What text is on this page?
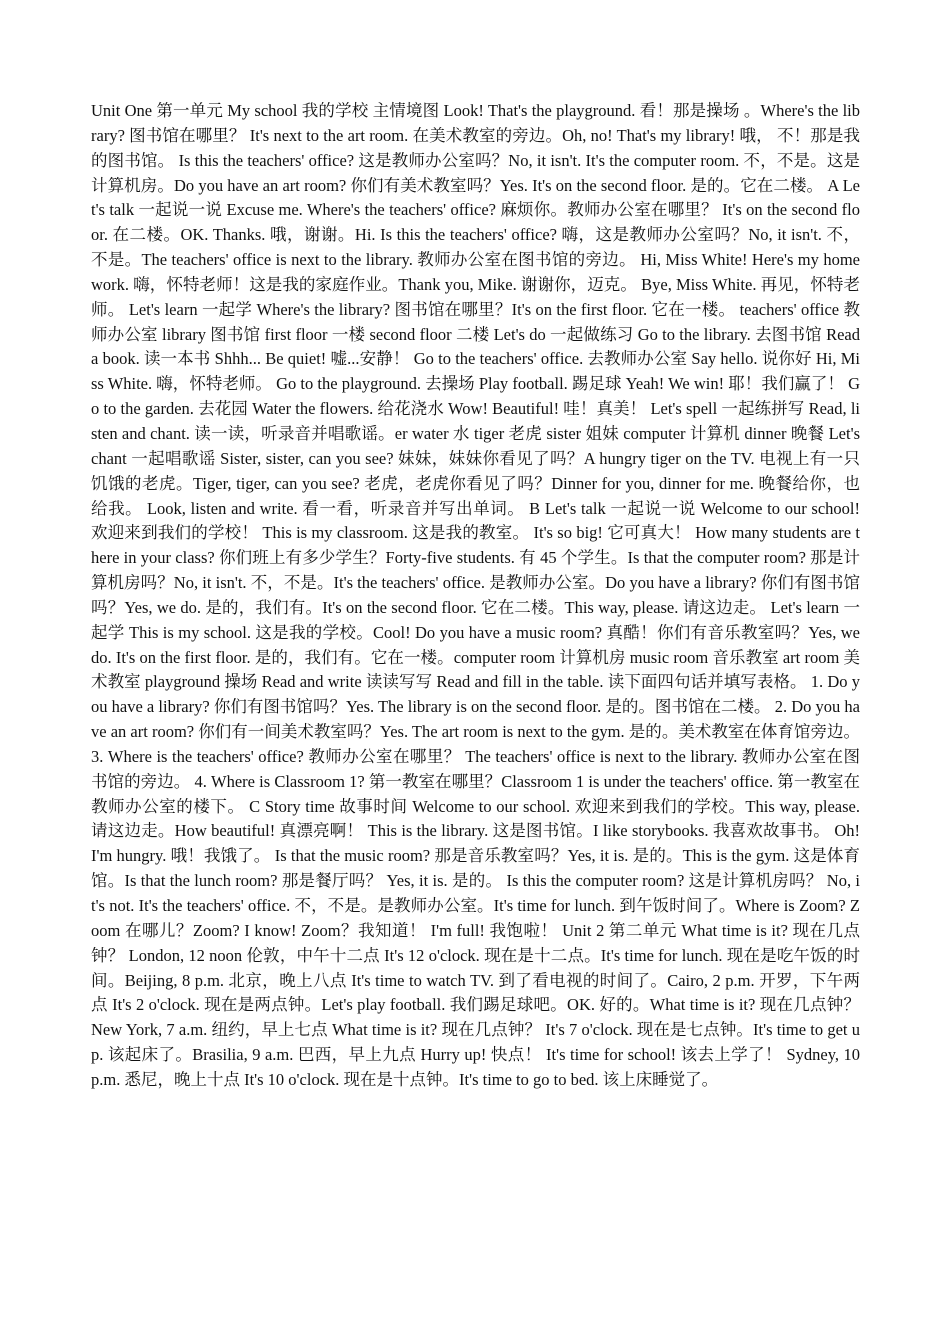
Unit One 第一单元 My school 我的学校 主情境图 Look! That's the playground. 看！那是操场 。Where's the library? 图书馆在哪里？ It's next to the art room. 在美术教室的旁边。Oh, no! That's my library! 哦， 不！那是我的图书馆。 Is this the teachers' office? 这是教师办公室吗？No, it isn't. It's the computer room. 不，不是。这是计算机房。Do you have an art room? 你们有美术教室吗？Yes. It's on the second floor. 是的。它在二楼。 A Let's talk 一起说一说 Excuse me. Where's the teachers' office? 麻烦你。教师办公室在哪里？ It's on the second floor. 在二楼。OK. Thanks. 哦，谢谢。Hi. Is this the teachers' office? 嗨，这是教师办公室吗？No, it isn't. 不， 不是。The teachers' office is next to the library. 教师办公室在图书馆的旁边。 Hi, Miss White! Here's my homework. 嗨，怀特老师！这是我的家庭作业。Thank you, Mike. 谢谢你，迈克。 Bye, Miss White. 再见，怀特老师。 Let's learn 一起学 Where's the library? 图书馆在哪里？It's on the first floor. 它在一楼。 teachers' office 教师办公室 library 图书馆 first floor 一楼 second floor 二楼 Let's do 一起做练习 Go to the library. 去图书馆 Read a book. 读一本书 Shhh... Be quiet! 嘘...安静！ Go to the teachers' office. 去教师办公室 Say hello. 说你好 Hi, Miss White. 嗨，怀特老师。 Go to the playground. 去操场 Play football. 踢足球 Yeah! We win! 耶！我们赢了！ Go to the garden. 去花园 Water the flowers. 给花浇水 Wow! Beautiful! 哇！真美！ Let's spell 一起练拼写 Read, listen and chant. 读一读，听录音并唱歌谣。er water 水 tiger 老虎 sister 姐妹 computer 计算机 dinner 晚餐 Let's chant 一起唱歌谣 Sister, sister, can you see? 妹妹，妹妹你看见了吗？A hungry tiger on the TV. 电视上有一只饥饿的老虎。Tiger, tiger, can you see? 老虎，老虎你看见了吗？Dinner for you, dinner for me. 晚餐给你，也给我。 Look, listen and write. 看一看，听录音并写出单词。 B Let's talk 一起说一说 Welcome to our school! 欢迎来到我们的学校！ This is my classroom. 这是我的教室。 It's so big! 它可真大！ How many students are there in your class? 你们班上有多少学生？Forty-five students. 有 45 个学生。Is that the computer room? 那是计算机房吗？No, it isn't. 不，不是。It's the teachers' office. 是教师办公室。Do you have a library? 你们有图书馆吗？Yes, we do. 是的，我们有。It's on the second floor. 它在二楼。This way, please. 请这边走。 Let's learn 一起学 This is my school. 这是我的学校。Cool! Do you have a music room? 真酷！你们有音乐教室吗？Yes, we do. It's on the first floor. 是的，我们有。它在一楼。computer room 计算机房 music room 音乐教室 art room 美术教室 playground 操场 Read and write 读读写写 Read and fill in the table. 读下面四句话并填写表格。 1. Do you have a library? 你们有图书馆吗？Yes. The library is on the second floor. 是的。图书馆在二楼。 2. Do you have an art room? 你们有一间美术教室吗？Yes. The art room is next to the gym. 是的。美术教室在体育馆旁边。3. Where is the teachers' office? 教师办公室在哪里？ The teachers' office is next to the library. 教师办公室在图书馆的旁边。 4. Where is Classroom 1? 第一教室在哪里？Classroom 1 is under the teachers' office. 第一教室在教师办公室的楼下。 C Story time 故事时间 Welcome to our school. 欢迎来到我们的学校。This way, please. 请这边走。How beautiful! 真漂亮啊！ This is the library. 这是图书馆。I like storybooks. 我喜欢故事书。 Oh! I'm hungry. 哦！我饿了。 Is that the music room? 那是音乐教室吗？Yes, it is. 是的。This is the gym. 这是体育馆。Is that the lunch room? 那是餐厅吗？ Yes, it is. 是的。 Is this the computer room? 这是计算机房吗？ No, it's not. It's the teachers' office. 不，不是。是教师办公室。It's time for lunch. 到午饭时间了。Where is Zoom? Zoom 在哪儿？Zoom? I know! Zoom？我知道！ I'm full! 我饱啦！ Unit 2 第二单元 What time is it? 现在几点钟？ London, 12 noon 伦敦，中午十二点 It's 12 o'clock. 现在是十二点。It's time for lunch. 现在是吃午饭的时间。Beijing, 8 p.m. 北京，晚上八点 It's time to watch TV. 到了看电视的时间了。Cairo, 2 p.m. 开罗，下午两点 It's 2 o'clock. 现在是两点钟。Let's play football. 我们踢足球吧。OK. 好的。What time is it? 现在几点钟？ New York, 7 a.m. 纽约，早上七点 What time is it? 现在几点钟？ It's 7 o'clock. 现在是七点钟。It's time to get up. 该起床了。Brasilia, 9 a.m. 巴西，早上九点 Hurry up! 快点！ It's time for school! 该去上学了！ Sydney, 10 p.m. 悉尼，晚上十点 It's 10 o'clock. 现在是十点钟。It's time to go to bed. 该上床睡觉了。
